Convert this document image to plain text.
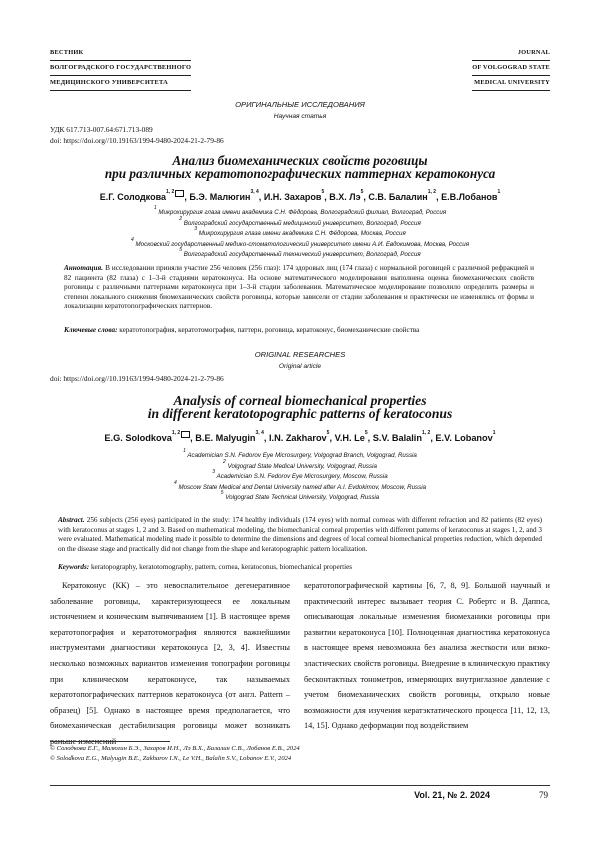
ВЕСТНИК
ВОЛГОГРАДСКОГО ГОСУДАРСТВЕННОГО
МЕДИЦИНСКОГО УНИВЕРСИТЕТА
JOURNAL
OF VOLGOGRAD STATE
MEDICAL UNIVERSITY
ОРИГИНАЛЬНЫЕ ИССЛЕДОВАНИЯ
Научная статья
УДК 617.713-007.64:671.713-089
doi: https://doi.org//10.19163/1994-9480-2024-21-2-79-86
Анализ биомеханических свойств роговицы
при различных кератотопографических паттернах кератоконуса
Е.Г. Солодкова$^{1, 2}$ , Б.Э. Малюгин$^{3, 4}$, И.Н. Захаров$^5$, В.Х. $Лэ^5$, С.В. Балалин$^{1, 2}$, Е.В.Лобанов$^1$
$^1$ Микрохирургия глаза имени академика С.Н. Фёдорова, Волгоградский филиал, Волгоград, Россия
$^2$ Волгоградский государственный медицинский университет, Волгоград, Россия
$^3$ Микрохирургия глаза имени академика С.Н. Фёдорова, Москва, Россия
$^4$ Московский государственный медико-стоматологический университет имени А.И. Евдокимова, Москва, Россия
$^5$ Волгоградский государственный технический университет, Волгоград, Россия
Аннотация. В исследовании приняли участие 256 человек (256 глаз): 174 здоровых лиц (174 глаза) с нормальной роговицей с различной рефракцией и 82 пациента (82 глаза) с 1–3-й стадиями кератоконуса. На основе математического моделирования выполнена оценка биомеханических свойств роговицы с различными паттернами кератоконуса при 1–3-й стадии заболевания. Математическое моделирование позволило определить размеры и степени локального снижения биомеханических свойств роговицы, которые зависели от стадии заболевания и практически не изменялись от формы и локализации кератотопографических паттернов.
Ключевые слова: кератотопография, кератотомография, паттерн, роговица, кератоконус, биомеханические свойства
ORIGINAL RESEARCHES
Original article
doi: https://doi.org//10.19163/1994-9480-2024-21-2-79-86
Analysis of corneal biomechanical properties
in different keratotopographic patterns of keratoconus
E.G. Solodkova$^{1, 2}$ , B.E. Malyugin$^{3, 4}$, I.N. Zakharov$^5$, V.H. Le$^5$, S.V. Balalin$^{1, 2}$, E.V. Lobanov$^1$
$^1$ Academician S.N. Fedorov Eye Microsurgery, Volgograd Branch, Volgograd, Russia
$^2$ Volgograd State Medical University, Volgograd, Russia
$^3$ Academician S.N. Fedorov Eye Microsurgery, Moscow, Russia
$^4$ Moscow State Medical and Dental University named after A.I. Evdokimov, Moscow, Russia
$^5$ Volgograd State Technical University, Volgograd, Russia
Abstract. 256 subjects (256 eyes) participated in the study: 174 healthy individuals (174 eyes) with normal corneas with different refraction and 82 patients (82 eyes) with keratoconus at stages 1, 2 and 3. Based on mathematical modeling, the biomechanical corneal properties with different patterns of keratoconus at stages 1, 2, and 3 were evaluated. Mathematical modeling made it possible to determine the dimensions and degrees of local corneal biomechanical properties reduction, which depended on the disease stage and practically did not change from the shape and keratopographic pattern localization.
Keywords: keratopography, keratotomography, pattern, cornea, keratoconus, biomechanical properties
Кератоконус (КК) – это невоспалительное дегенеративное заболевание роговицы, характеризующееся ее локальным истончением и коническим выпячиванием [1]. В настоящее время кератотопография и кератотомография являются важнейшими инструментами диагностики кератоконуса [2, 3, 4]. Известны несколько возможных вариантов изменения топографии роговицы при клиническом кератоконусе, так называемых кератотопографических паттернов кератоконуса (от англ. Pattern – образец) [5]. Однако в настоящее время предполагается, что биомеханическая дестабилизация роговицы может возникать раньше изменений
кератотопографической картины [6, 7, 8, 9]. Большой научный и практический интерес вызывает теория С. Робертс и В. Даппса, описывающая локальные изменения биомеханики роговицы при развитии кератоконуса [10]. Полноценная диагностика кератоконуса в настоящее время невозможна без анализа жесткости или вязко-эластических свойств роговицы. Внедрение в клиническую практику бесконтактных тонометров, измеряющих внутриглазное давление с учетом биомеханических свойств роговицы, открыло новые возможности для изучения кератэктатического процесса [11, 12, 13, 14, 15]. Однако деформации под воздействием
© Солодкова Е.Г., Малюгин Б.Э., Захаров И.Н., Лэ В.Х., Балалин С.В., Лобанов Е.В., 2024
© Solodkova E.G., Malyugin B.E., Zakharov I.N., Le V.H., Balalin S.V., Lobanov E.V., 2024
Vol. 21, № 2. 2024	79
